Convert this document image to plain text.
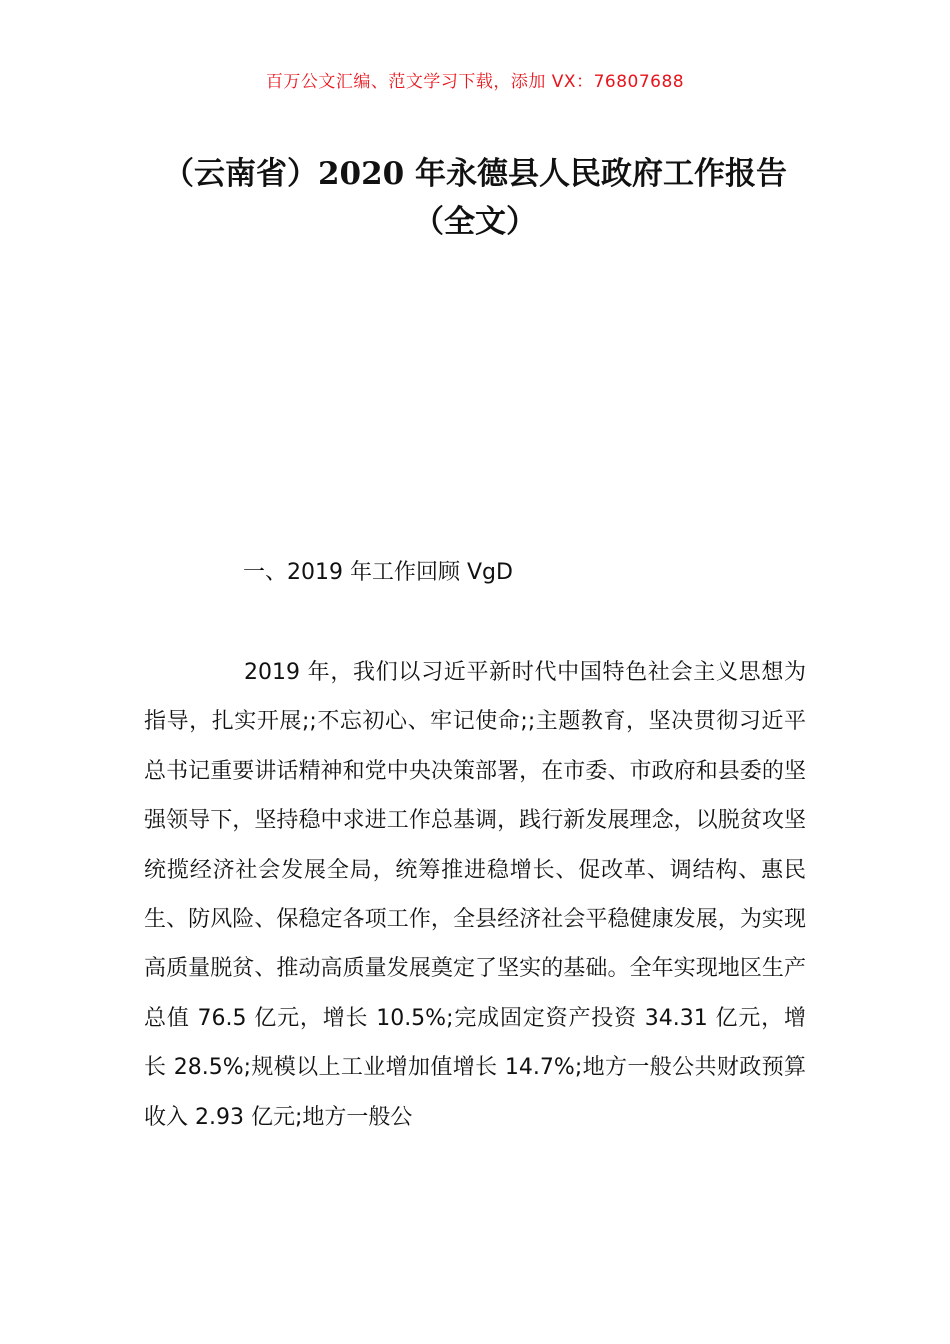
百万公文汇编、范文学习下载，添加 VX：76807688
（云南省）2020 年永德县人民政府工作报告（全文）
一、2019 年工作回顾 VgD

2019 年，我们以习近平新时代中国特色社会主义思想为指导，扎实开展;;不忘初心、牢记使命;;主题教育，坚决贯彻习近平总书记重要讲话精神和党中央决策部署，在市委、市政府和县委的坚强领导下，坚持稳中求进工作总基调，践行新发展理念，以脱贫攻坚统揽经济社会发展全局，统筹推进稳增长、促改革、调结构、惠民生、防风险、保稳定各项工作，全县经济社会平稳健康发展，为实现高质量脱贫、推动高质量发展奠定了坚实的基础。全年实现地区生产总值 76.5 亿元，增长 10.5%;完成固定资产投资 34.31 亿元，增长 28.5%;规模以上工业增加值增长 14.7%;地方一般公共财政预算收入 2.93 亿元;地方一般公
